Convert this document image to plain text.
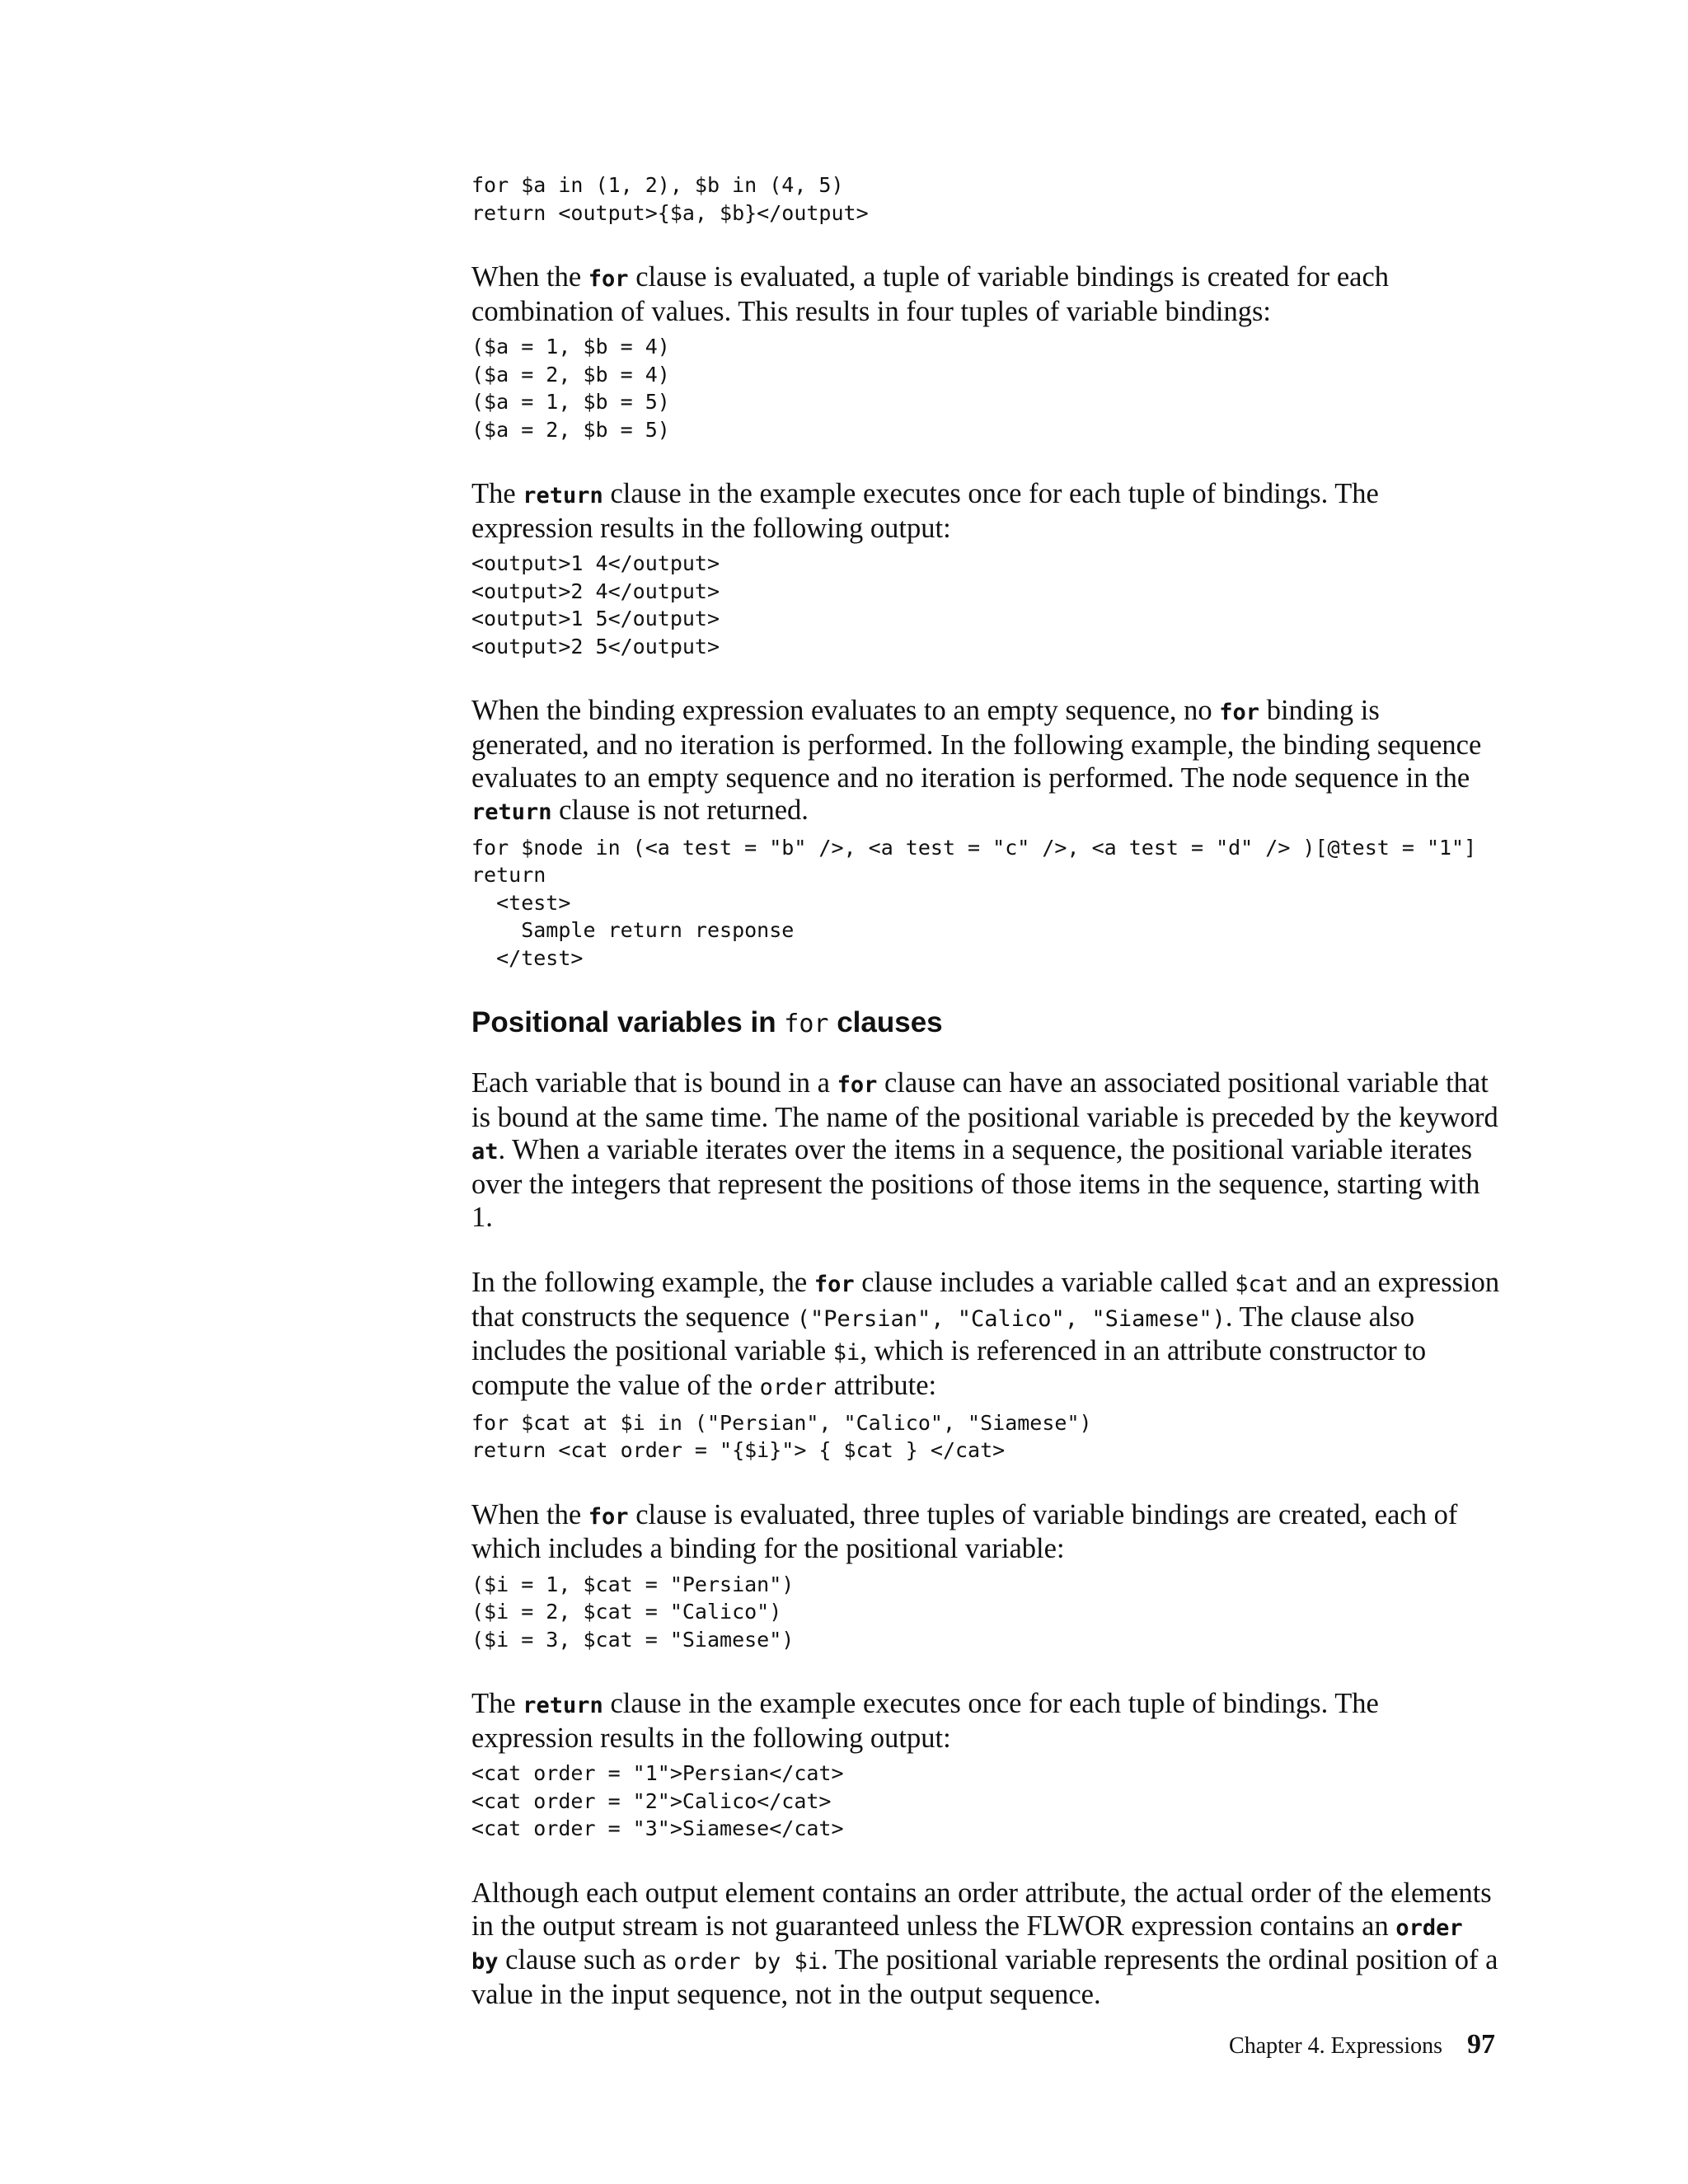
for $a in (1, 2), $b in (4, 5)
return <output>{$a, $b}</output>

When the for clause is evaluated, a tuple of variable bindings is created for each combination of values. This results in four tuples of variable bindings:

($a = 1, $b = 4)
($a = 2, $b = 4)
($a = 1, $b = 5)
($a = 2, $b = 5)

The return clause in the example executes once for each tuple of bindings. The expression results in the following output:

<output>1 4</output>
<output>2 4</output>
<output>1 5</output>
<output>2 5</output>

When the binding expression evaluates to an empty sequence, no for binding is generated, and no iteration is performed. In the following example, the binding sequence evaluates to an empty sequence and no iteration is performed. The node sequence in the return clause is not returned.

for $node in (<a test = "b" />, <a test = "c" />, <a test = "d" /> )[@test = "1"]
return
<test>
Sample return response
</test>
Positional variables in for clauses

Each variable that is bound in a for clause can have an associated positional variable that is bound at the same time. The name of the positional variable is preceded by the keyword at. When a variable iterates over the items in a sequence, the positional variable iterates over the integers that represent the positions of those items in the sequence, starting with 1.

In the following example, the for clause includes a variable called $cat and an expression that constructs the sequence ("Persian", "Calico", "Siamese"). The clause also includes the positional variable $i, which is referenced in an attribute constructor to compute the value of the order attribute:

for $cat at $i in ("Persian", "Calico", "Siamese")
return <cat order = "{$i}"> { $cat } </cat>

When the for clause is evaluated, three tuples of variable bindings are created, each of which includes a binding for the positional variable:

($i = 1, $cat = "Persian")
($i = 2, $cat = "Calico")
($i = 3, $cat = "Siamese")

The return clause in the example executes once for each tuple of bindings. The expression results in the following output:

<cat order = "1">Persian</cat>
<cat order = "2">Calico</cat>
<cat order = "3">Siamese</cat>

Although each output element contains an order attribute, the actual order of the elements in the output stream is not guaranteed unless the FLWOR expression contains an order by clause such as order by $i. The positional variable represents the ordinal position of a value in the input sequence, not in the output sequence.

Chapter 4. Expressions 97
